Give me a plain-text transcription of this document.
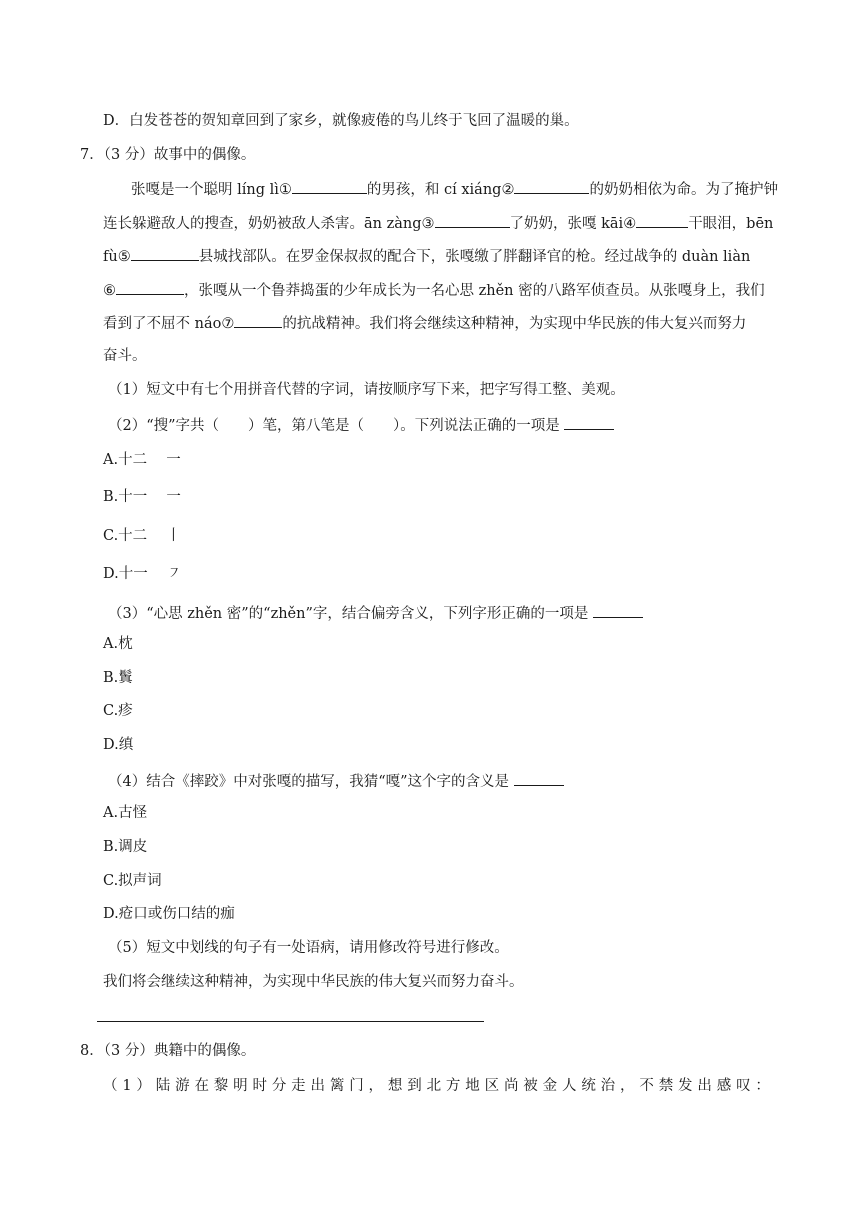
D．白发苍苍的贺知章回到了家乡，就像疲倦的鸟儿终于飞回了温暖的巢。
7．（3 分）故事中的偶像。
张嘎是一个聪明 líng lì①	的男孩，和 cí xiáng②	的奶奶相依为命。为了掩护钟
连长躲避敌人的搜查，奶奶被敌人杀害。ān zàng③	了奶奶，张嘎 kāi④	干眼泪，bēn
fù⑤	县城找部队。在罗金保叔叔的配合下，张嘎缴了胖翻译官的枪。经过战争的 duàn liàn
⑥	，张嘎从一个鲁莽捣蛋的少年成长为一名心思 zhěn 密的八路军侦查员。从张嘎身上，我们
看到了不屈不 náo⑦	的抗战精神。我们将会继续这种精神，为实现中华民族的伟大复兴而努力
奋斗。
（1）短文中有七个用拼音代替的字词，请按顺序写下来，把字写得工整、美观。
（2）“搜”字共（　　）笔，第八笔是（　　）。下列说法正确的一项是
A.十二　 一
B.十一　 一
C.十二　 丨
D.十一　 ㇇
（3）“心思 zhěn 密”的“zhěn”字，结合偏旁含义，下列字形正确的一项是
A.枕
B.鬒
C.疹
D.缜
（4）结合《摔跤》中对张嘎的描写，我猜“嘎”这个字的含义是
A.古怪
B.调皮
C.拟声词
D.疮口或伤口结的痂
（5）短文中划线的句子有一处语病，请用修改符号进行修改。
我们将会继续这种精神，为实现中华民族的伟大复兴而努力奋斗。
8．（3 分）典籍中的偶像。
（ 1 ） 陆 游 在 黎 明 时 分 走 出 篱 门 ， 想 到 北 方 地 区 尚 被 金 人 统 治 ， 不 禁 发 出 感 叹 ：
